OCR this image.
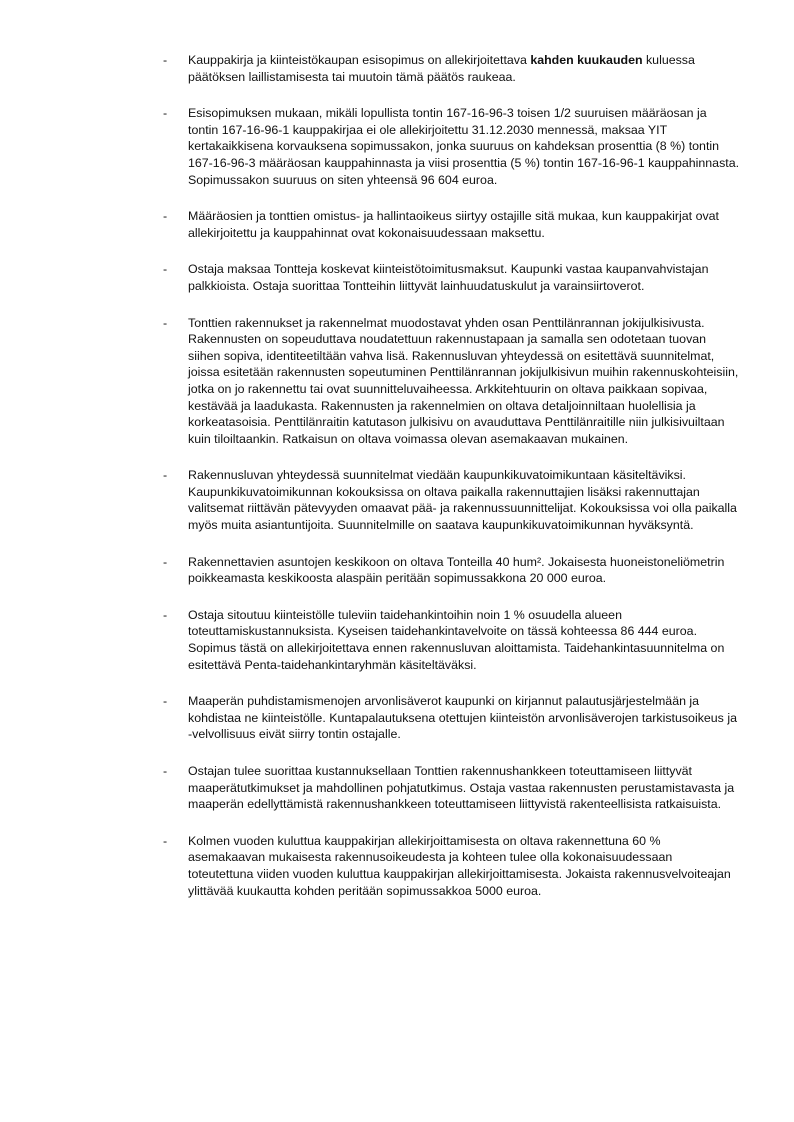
- Kauppakirja ja kiinteistökaupan esisopimus on allekirjoitettava kahden kuukauden kuluessa päätöksen laillistamisesta tai muutoin tämä päätös raukeaa.
- Esisopimuksen mukaan, mikäli lopullista tontin 167-16-96-3 toisen 1/2 suuruisen määräosan ja tontin 167-16-96-1 kauppakirjaa ei ole allekirjoitettu 31.12.2030 mennessä, maksaa YIT kertakaikkisena korvauksena sopimussakon, jonka suuruus on kahdeksan prosenttia (8 %) tontin 167-16-96-3 määräosan kauppahinnasta ja viisi prosenttia (5 %) tontin 167-16-96-1 kauppahinnasta. Sopimussakon suuruus on siten yhteensä 96 604 euroa.
- Määräosien ja tonttien omistus- ja hallintaoikeus siirtyy ostajille sitä mukaa, kun kauppakirjat ovat allekirjoitettu ja kauppahinnat ovat kokonaisuudessaan maksettu.
- Ostaja maksaa Tontteja koskevat kiinteistötoimitusmaksut. Kaupunki vastaa kaupanvahvistajan palkkioista. Ostaja suorittaa Tontteihin liittyvät lainhuudatuskulut ja varainsiirtoverot.
- Tonttien rakennukset ja rakennelmat muodostavat yhden osan Penttilänrannan jokijulkisivusta. Rakennusten on sopeuduttava noudatettuun rakennustapaan ja samalla sen odotetaan tuovan siihen sopiva, identiteetiltään vahva lisä. Rakennusluvan yhteydessä on esitettävä suunnitelmat, joissa esitetään rakennusten sopeutuminen Penttilänrannan jokijulkisivun muihin rakennuskohteisiin, jotka on jo rakennettu tai ovat suunnitteluvaiheessa. Arkkitehtuurin on oltava paikkaan sopivaa, kestävää ja laadukasta. Rakennusten ja rakennelmien on oltava detaljoinniltaan huolellisia ja korkeatasoisia. Penttilänraitin katutason julkisivu on avauduttava Penttilänraitille niin julkisivuiltaan kuin tiloiltaankin. Ratkaisun on oltava voimassa olevan asemakaavan mukainen.
- Rakennusluvan yhteydessä suunnitelmat viedään kaupunkikuvatoimikuntaan käsiteltäviksi. Kaupunkikuvatoimikunnan kokouksissa on oltava paikalla rakennuttajien lisäksi rakennuttajan valitsemat riittävän pätevyyden omaavat pää- ja rakennussuunnittelijat. Kokouksissa voi olla paikalla myös muita asiantuntijoita. Suunnitelmille on saatava kaupunkikuvatoimikunnan hyväksyntä.
- Rakennettavien asuntojen keskikoon on oltava Tonteilla 40 hum². Jokaisesta huoneistoneliömetrin poikkeamasta keskikoosta alaspäin peritään sopimussakkona 20 000 euroa.
- Ostaja sitoutuu kiinteistölle tuleviin taidehankintoihin noin 1 % osuudella alueen toteuttamiskustannuksista. Kyseisen taidehankintavelvoite on tässä kohteessa 86 444 euroa. Sopimus tästä on allekirjoitettava ennen rakennusluvan aloittamista. Taidehankintasuunnitelma on esitettävä Penta-taidehankintaryhmän käsiteltäväksi.
- Maaperän puhdistamismenojen arvonlisäverot kaupunki on kirjannut palautusjärjestelmään ja kohdistaa ne kiinteistölle. Kuntapalautuksena otettujen kiinteistön arvonlisäverojen tarkistusoikeus ja -velvollisuus eivät siirry tontin ostajalle.
- Ostajan tulee suorittaa kustannuksellaan Tonttien rakennushankkeen toteuttamiseen liittyvät maaperätutkimukset ja mahdollinen pohjatutkimus. Ostaja vastaa rakennusten perustamistavasta ja maaperän edellyttämistä rakennushankkeen toteuttamiseen liittyvistä rakenteellisista ratkaisuista.
- Kolmen vuoden kuluttua kauppakirjan allekirjoittamisesta on oltava rakennettuna 60 % asemakaavan mukaisesta rakennusoikeudesta ja kohteen tulee olla kokonaisuudessaan toteutettuna viiden vuoden kuluttua kauppakirjan allekirjoittamisesta. Jokaista rakennusvelvoiteajan ylittävää kuukautta kohden peritään sopimussakkoa 5000 euroa.
